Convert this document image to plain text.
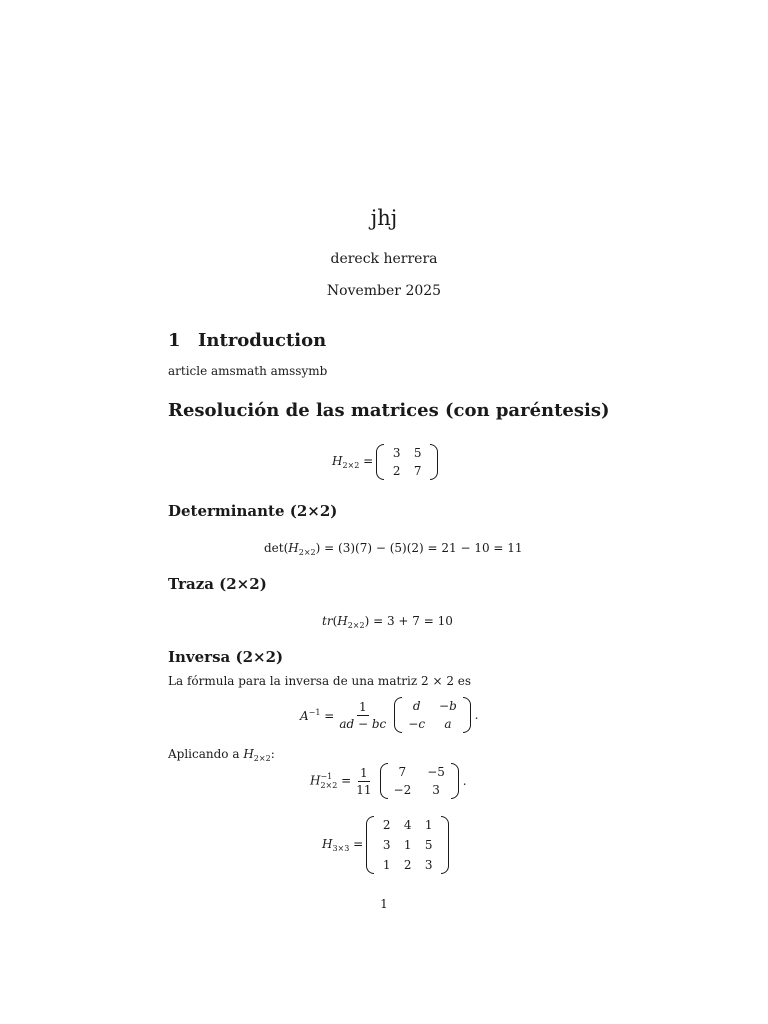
jhj
dereck herrera
November 2025
1 Introduction
article amsmath amssymb
Resolución de las matrices (con paréntesis)
$H_{2\times 2}$ =
3 5
2 7
Determinante (2×2)
$\det(H_{2\times 2}) = (3)(7) - (5)(2) = 21 - 10 = 11$
Traza (2×2)
$tr(H_{2\times 2}) = 3 + 7 = 10$
Inversa (2×2)
La fórmula para la inversa de una matriz 2 × 2 es
$A^{-1} = \frac{1}{ad - bc}$	d	−b
−c	a
.
Aplicando a $H_{2\times 2}$:
H −1
$2\times 2 = \frac{1}{11}$	7	−5
−2	3
.
$H_{3\times 3}$ =
2 4 1
3 1 5
1 2 3
1
